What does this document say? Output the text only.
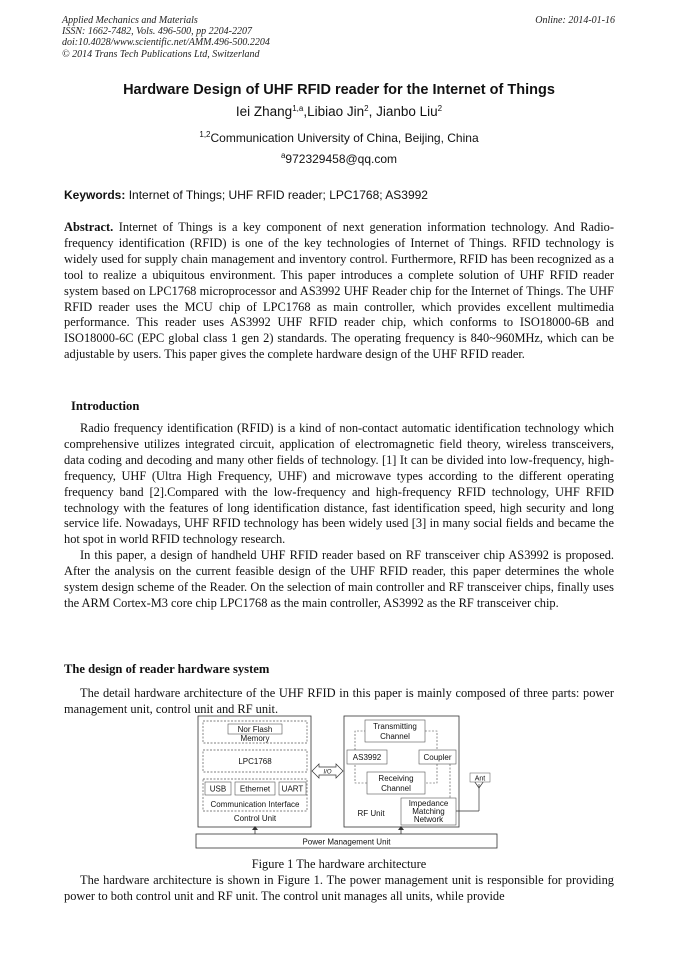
Applied Mechanics and Materials
ISSN: 1662-7482, Vols. 496-500, pp 2204-2207
doi:10.4028/www.scientific.net/AMM.496-500.2204
© 2014 Trans Tech Publications Ltd, Switzerland
Online: 2014-01-16
Hardware Design of UHF RFID reader for the Internet of Things
Iei Zhang$^{1,a}$,Libiao Jin$^2$, Jianbo Liu$^2$
$^{1,2}$Communication University of China, Beijing, China
$^a$972329458@qq.com
Keywords: Internet of Things; UHF RFID reader; LPC1768; AS3992
Abstract. Internet of Things is a key component of next generation information technology. And Radio-frequency identification (RFID) is one of the key technologies of Internet of Things. RFID technology is widely used for supply chain management and inventory control. Furthermore, RFID has been recognized as a tool to realize a ubiquitous environment. This paper introduces a complete solution of UHF RFID reader system based on LPC1768 microprocessor and AS3992 UHF Reader chip for the Internet of Things. The UHF RFID reader uses the MCU chip of LPC1768 as main controller, which provides excellent multimedia performance. This reader uses AS3992 UHF RFID reader chip, which conforms to ISO18000-6B and ISO18000-6C (EPC global class 1 gen 2) standards. The operating frequency is 840~960MHz, which can be adjustable by users. This paper gives the complete hardware design of the UHF RFID reader.
Introduction
Radio frequency identification (RFID) is a kind of non-contact automatic identification technology which comprehensive utilizes integrated circuit, application of electromagnetic field theory, wireless transceivers, data coding and decoding and many other fields of technology. [1] It can be divided into low-frequency, high-frequency, UHF (Ultra High Frequency, UHF) and microwave types according to the different operating frequency band [2].Compared with the low-frequency and high-frequency RFID technology, UHF RFID technology with the features of long identification distance, fast identification speed, high security and long service life. Nowadays, UHF RFID technology has been widely used [3] in many social fields and became the hot spot in world RFID technology research.
In this paper, a design of handheld UHF RFID reader based on RF transceiver chip AS3992 is proposed. After the analysis on the current feasible design of the UHF RFID reader, this paper determines the whole system design scheme of the Reader. On the selection of main controller and RF transceiver chips, finally uses the ARM Cortex-M3 core chip LPC1768 as the main controller, AS3992 as the RF transceiver chip.
The design of reader hardware system
The detail hardware architecture of the UHF RFID in this paper is mainly composed of three parts: power management unit, control unit and RF unit.
Nor Flash
Memory
LPC1768
USB Ethernet UART
Communication Interface
Control Unit
I/O
Transmitting
Channel
AS3992	Coupler
Receiving
Channel
Impedance
Matching
Network
RF Unit
Ant
Power Management Unit
Figure 1 The hardware architecture
The hardware architecture is shown in Figure 1. The power management unit is responsible for providing power to both control unit and RF unit. The control unit manages all units, while provide
